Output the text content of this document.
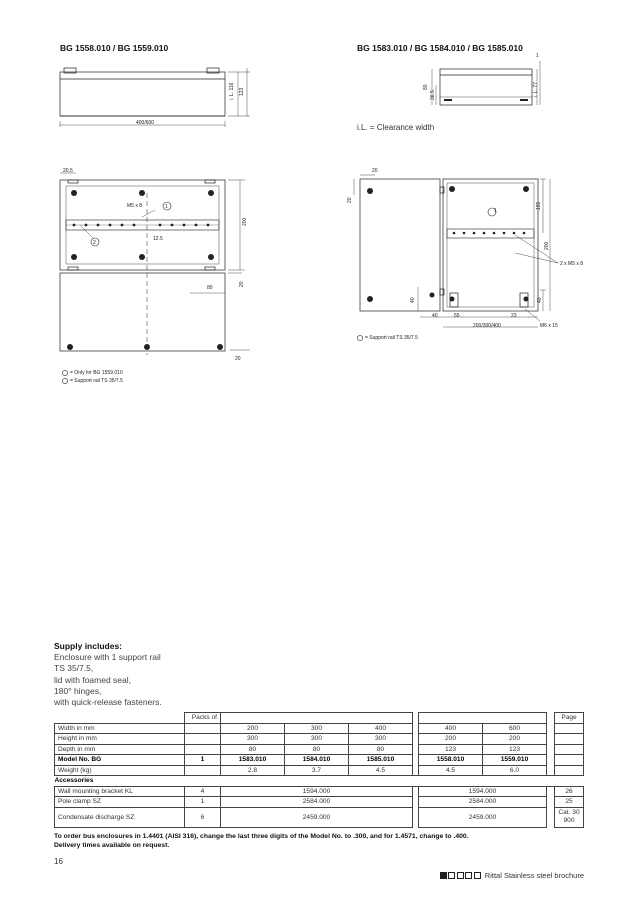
BG 1558.010 / BG 1559.010
400/600
i. L. 116 123
20.5
M5 x 8	1
2
12.5
200
80
20
20
= Only for BG 1559.010
= Support rail TS 35/7.5
BG 1583.010 / BG 1584.010 / BG 1585.010
80
36.5	i. L. 77
1
i.L. = Clearance width
20
20
1
195
200
2 x M5 x 8
40
40	55	23
40
200/300/400	M6 x 15
= Support rail TS 35/7.5
Supply includes:
Enclosure with 1 support rail
TS 35/7.5,
lid with foamed seal,
180° hinges,
with quick-release fasteners.
	Packs of								Page
Width in mm		200	300	400		400	600		
Height in mm		300	300	300		200	200		
Depth in mm		80	80	80		123	123		
Model No. BG	1	1583.010	1584.010	1585.010		1558.010	1559.010		
Weight (kg)		2.8	3.7	4.5		4.5	6.0		
Accessories									
Wall mounting bracket KL	4	1594.000				1594.000			26
Pole clamp SZ	1	2584.000				2584.000			25
Condensate discharge SZ	6	2459.000				2459.000			Cat. 30
900
To order bus enclosures in 1.4401 (AISI 316), change the last three digits of the Model No. to .300, and for 1.4571, change to .400.
Delivery times available on request.
16
Rittal Stainless steel brochure
